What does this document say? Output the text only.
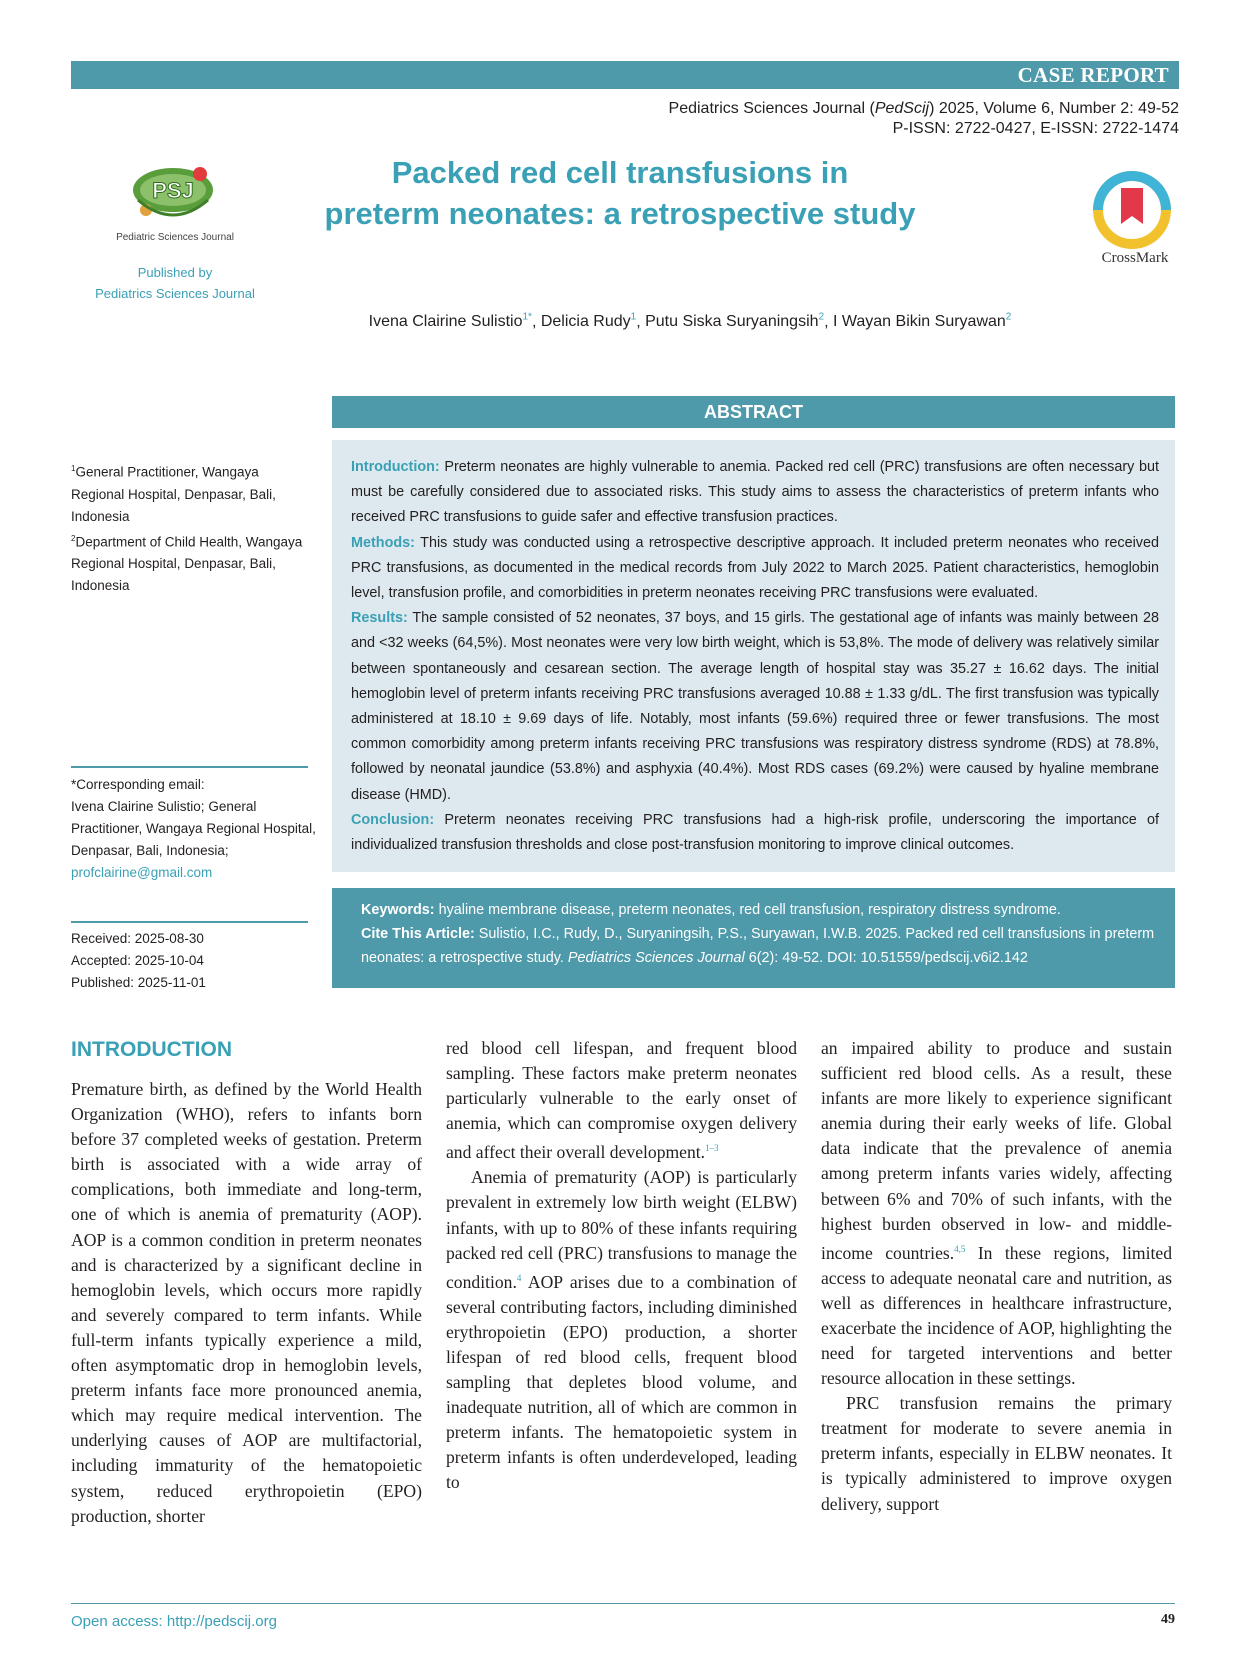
CASE REPORT
Pediatrics Sciences Journal (PedScij) 2025, Volume 6, Number 2: 49-52
P-ISSN: 2722-0427, E-ISSN: 2722-1474
PSJ
Pediatric Sciences Journal
Published by
Pediatrics Sciences Journal
Packed red cell transfusions in
preterm neonates: a retrospective study
CrossMark
Ivena Clairine Sulistio$^{1*}$, Delicia Rudy$^1$, Putu Siska Suryaningsih$^2$, I Wayan Bikin Suryawan$^2$
$^1$General Practitioner, Wangaya Regional Hospital, Denpasar, Bali, Indonesia
$^2$Department of Child Health, Wangaya Regional Hospital, Denpasar, Bali, Indonesia
*Corresponding email:
Ivena Clairine Sulistio; General Practitioner, Wangaya Regional Hospital, Denpasar, Bali, Indonesia;
profclairine@gmail.com
Received: 2025-08-30
Accepted: 2025-10-04
Published: 2025-11-01
ABSTRACT
Introduction: Preterm neonates are highly vulnerable to anemia. Packed red cell (PRC) transfusions are often necessary but must be carefully considered due to associated risks. This study aims to assess the characteristics of preterm infants who received PRC transfusions to guide safer and effective transfusion practices.
Methods: This study was conducted using a retrospective descriptive approach. It included preterm neonates who received PRC transfusions, as documented in the medical records from July 2022 to March 2025. Patient characteristics, hemoglobin level, transfusion profile, and comorbidities in preterm neonates receiving PRC transfusions were evaluated.
Results: The sample consisted of 52 neonates, 37 boys, and 15 girls. The gestational age of infants was mainly between 28 and <32 weeks (64,5%). Most neonates were very low birth weight, which is 53,8%. The mode of delivery was relatively similar between spontaneously and cesarean section. The average length of hospital stay was 35.27 ± 16.62 days. The initial hemoglobin level of preterm infants receiving PRC transfusions averaged 10.88 ± 1.33 g/dL. The first transfusion was typically administered at 18.10 ± 9.69 days of life. Notably, most infants (59.6%) required three or fewer transfusions. The most common comorbidity among preterm infants receiving PRC transfusions was respiratory distress syndrome (RDS) at 78.8%, followed by neonatal jaundice (53.8%) and asphyxia (40.4%). Most RDS cases (69.2%) were caused by hyaline membrane disease (HMD).
Conclusion: Preterm neonates receiving PRC transfusions had a high-risk profile, underscoring the importance of individualized transfusion thresholds and close post-transfusion monitoring to improve clinical outcomes.
Keywords: hyaline membrane disease, preterm neonates, red cell transfusion, respiratory distress syndrome.
Cite This Article: Sulistio, I.C., Rudy, D., Suryaningsih, P.S., Suryawan, I.W.B. 2025. Packed red cell transfusions in preterm neonates: a retrospective study. Pediatrics Sciences Journal 6(2): 49-52. DOI: 10.51559/pedscij.v6i2.142
INTRODUCTION

Premature birth, as defined by the World Health Organization (WHO), refers to infants born before 37 completed weeks of gestation. Preterm birth is associated with a wide array of complications, both immediate and long-term, one of which is anemia of prematurity (AOP). AOP is a common condition in preterm neonates and is characterized by a significant decline in hemoglobin levels, which occurs more rapidly and severely compared to term infants. While full-term infants typically experience a mild, often asymptomatic drop in hemoglobin levels, preterm infants face more pronounced anemia, which may require medical intervention. The underlying causes of AOP are multifactorial, including immaturity of the hematopoietic system, reduced erythropoietin (EPO) production, shorter

red blood cell lifespan, and frequent blood sampling. These factors make preterm neonates particularly vulnerable to the early onset of anemia, which can compromise oxygen delivery and affect their overall development.$^{1-3}$

Anemia of prematurity (AOP) is particularly prevalent in extremely low birth weight (ELBW) infants, with up to 80% of these infants requiring packed red cell (PRC) transfusions to manage the condition.$^4$ AOP arises due to a combination of several contributing factors, including diminished erythropoietin (EPO) production, a shorter lifespan of red blood cells, frequent blood sampling that depletes blood volume, and inadequate nutrition, all of which are common in preterm infants. The hematopoietic system in preterm infants is often underdeveloped, leading to

an impaired ability to produce and sustain sufficient red blood cells. As a result, these infants are more likely to experience significant anemia during their early weeks of life. Global data indicate that the prevalence of anemia among preterm infants varies widely, affecting between 6% and 70% of such infants, with the highest burden observed in low- and middle-income countries.$^{4,5}$ In these regions, limited access to adequate neonatal care and nutrition, as well as differences in healthcare infrastructure, exacerbate the incidence of AOP, highlighting the need for targeted interventions and better resource allocation in these settings.

PRC transfusion remains the primary treatment for moderate to severe anemia in preterm infants, especially in ELBW neonates. It is typically administered to improve oxygen delivery, support

Open access: http://pedscij.org	49
